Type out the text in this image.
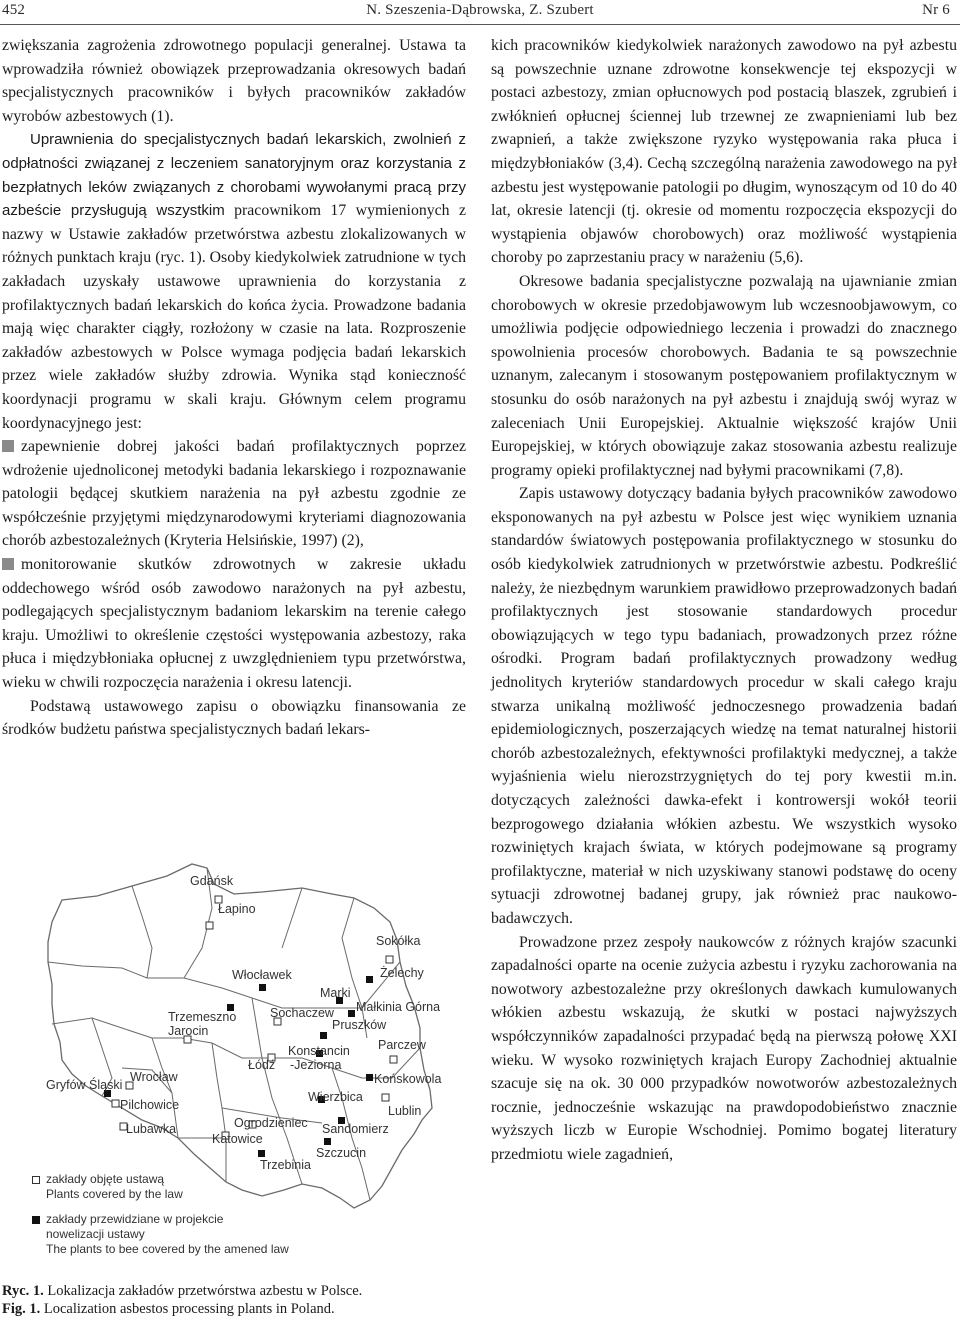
452	N. Szeszenia-Dąbrowska, Z. Szubert	Nr 6

zwiększania zagrożenia zdrowotnego populacji generalnej. Ustawa ta wprowadziła również obowiązek przeprowadzania okresowych badań specjalistycznych pracowników i byłych pracowników zakładów wyrobów azbestowych (1).

Uprawnienia do specjalistycznych badań lekarskich, zwolnień z odpłatności związanej z leczeniem sanatoryjnym oraz korzystania z bezpłatnych leków związanych z chorobami wywołanymi pracą przy azbeście przysługują wszystkim pracownikom 17 wymienionych z nazwy w Ustawie zakładów przetwórstwa azbestu zlokalizowanych w różnych punktach kraju (ryc. 1). Osoby kiedykolwiek zatrudnione w tych zakładach uzyskały ustawowe uprawnienia do korzystania z profilaktycznych badań lekarskich do końca życia. Prowadzone badania mają więc charakter ciągły, rozłożony w czasie na lata. Rozproszenie zakładów azbestowych w Polsce wymaga podjęcia badań lekarskich przez wiele zakładów służby zdrowia. Wynika stąd konieczność koordynacji programu w skali kraju. Głównym celem programu koordynacyjnego jest:

zapewnienie dobrej jakości badań profilaktycznych poprzez wdrożenie ujednoliconej metodyki badania lekarskiego i rozpoznawanie patologii będącej skutkiem narażenia na pył azbestu zgodnie ze współcześnie przyjętymi międzynarodowymi kryteriami diagnozowania chorób azbestozależnych (Kryteria Helsińskie, 1997) (2),

monitorowanie skutków zdrowotnych w zakresie układu oddechowego wśród osób zawodowo narażonych na pył azbestu, podlegających specjalistycznym badaniom lekarskim na terenie całego kraju. Umożliwi to określenie częstości występowania azbestozy, raka płuca i międzybłoniaka opłucnej z uwzględnieniem typu przetwórstwa, wieku w chwili rozpoczęcia narażenia i okresu latencji.

Podstawą ustawowego zapisu o obowiązku finansowania ze środków budżetu państwa specjalistycznych badań lekars-

kich pracowników kiedykolwiek narażonych zawodowo na pył azbestu są powszechnie uznane zdrowotne konsekwencje tej ekspozycji w postaci azbestozy, zmian opłucnowych pod postacią blaszek, zgrubień i zwłóknień opłucnej ściennej lub trzewnej ze zwapnieniami lub bez zwapnień, a także zwiększone ryzyko występowania raka płuca i międzybłoniaków (3,4). Cechą szczególną narażenia zawodowego na pył azbestu jest występowanie patologii po długim, wynoszącym od 10 do 40 lat, okresie latencji (tj. okresie od momentu rozpoczęcia ekspozycji do wystąpienia objawów chorobowych) oraz możliwość wystąpienia choroby po zaprzestaniu pracy w narażeniu (5,6).

Okresowe badania specjalistyczne pozwalają na ujawnianie zmian chorobowych w okresie przedobjawowym lub wczesnoobjawowym, co umożliwia podjęcie odpowiedniego leczenia i prowadzi do znacznego spowolnienia procesów chorobowych. Badania te są powszechnie uznanym, zalecanym i stosowanym postępowaniem profilaktycznym w stosunku do osób narażonych na pył azbestu i znajdują swój wyraz w zaleceniach Unii Europejskiej. Aktualnie większość krajów Unii Europejskiej, w których obowiązuje zakaz stosowania azbestu realizuje programy opieki profilaktycznej nad byłymi pracownikami (7,8).

Zapis ustawowy dotyczący badania byłych pracowników zawodowo eksponowanych na pył azbestu w Polsce jest więc wynikiem uznania standardów światowych postępowania profilaktycznego w stosunku do osób kiedykolwiek zatrudnionych w przetwórstwie azbestu. Podkreślić należy, że niezbędnym warunkiem prawidłowo przeprowadzonych badań profilaktycznych jest stosowanie standardowych procedur obowiązujących w tego typu badaniach, prowadzonych przez różne ośrodki. Program badań profilaktycznych prowadzony według jednolitych kryteriów standardowych procedur w skali całego kraju stwarza unikalną możliwość jednoczesnego prowadzenia badań epidemiologicznych, poszerzających wiedzę na temat naturalnej historii chorób azbestozależnych, efektywności profilaktyki medycznej, a także wyjaśnienia wielu nierozstrzygniętych do tej pory kwestii m.in. dotyczących zależności dawka-efekt i kontrowersji wokół teorii bezprogowego działania włókien azbestu. We wszystkich wysoko rozwiniętych krajach świata, w których podejmowane są programy profilaktyczne, materiał w nich uzyskiwany stanowi podstawę do oceny sytuacji zdrowotnej badanej grupy, jak również prac naukowo-badawczych.

Prowadzone przez zespoły naukowców z różnych krajów szacunki zapadalności oparte na ocenie zużycia azbestu i ryzyku zachorowania na nowotwory azbestozależne przy określonych dawkach kumulowanych włókien azbestu wskazują, że skutki w postaci najwyższych współczynników zapadalności przypadać będą na pierwszą połowę XXI wieku. W wysoko rozwiniętych krajach Europy Zachodniej aktualnie szacuje się na ok. 30 000 przypadków nowotworów azbestozależnych rocznie, jednocześnie wskazując na prawdopodobieństwo znacznie wyższych liczb w Europie Wschodniej. Pomimo bogatej literatury przedmiotu wiele zagadnień,

Gdańsk
Łapino
Sokółka
Włocławek	Żelechy
Marki
Małkinia Górna
Sochaczew
Trzemeszno
Jarocin	Pruszków
Parczew
Konstancin
Łódź -Jeziorna
Wrocław	Końskowola
Gryfów Śląski
Pilchowice
Wierzbica
Lublin
Lubawka	Ogrodzieniec Sandomierz
Katowice
Szczucin
Trzebinia
zakłady objęte ustawą
Plants covered by the law
zakłady przewidziane w projekcie
nowelizacji ustawy
The plants to bee covered by the amened law
Ryc. 1. Lokalizacja zakładów przetwórstwa azbestu w Polsce.
Fig. 1. Localization asbestos processing plants in Poland.
